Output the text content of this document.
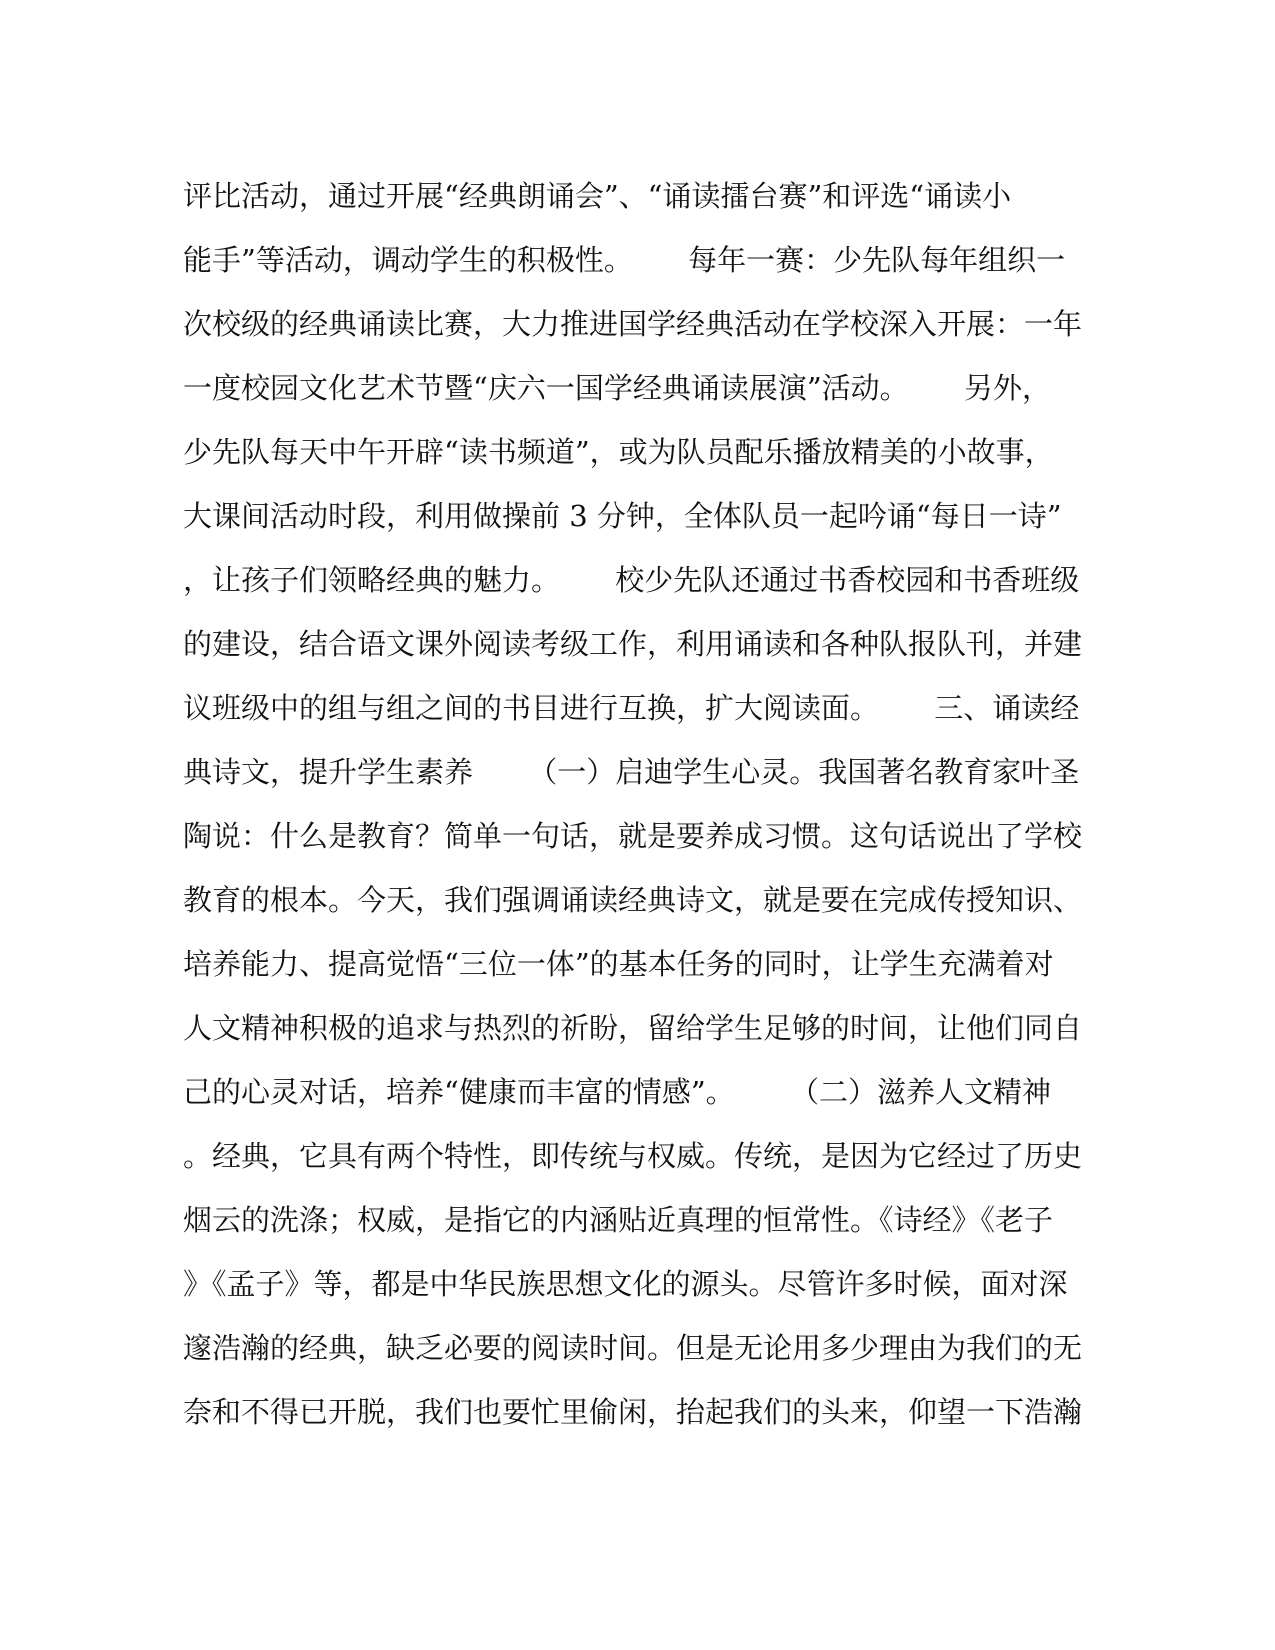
评比活动，通过开展“经典朗诵会”、“诵读擂台赛”和评选“诵读小
能手”等活动，调动学生的积极性。      每年一赛：少先队每年组织一
次校级的经典诵读比赛，大力推进国学经典活动在学校深入开展：一年
一度校园文化艺术节暨“庆六一国学经典诵读展演”活动。      另外，
少先队每天中午开辟“读书频道”，或为队员配乐播放精美的小故事，
大课间活动时段，利用做操前 3 分钟，全体队员一起吟诵“每日一诗”
，让孩子们领略经典的魅力。      校少先队还通过书香校园和书香班级
的建设，结合语文课外阅读考级工作，利用诵读和各种队报队刊，并建
议班级中的组与组之间的书目进行互换，扩大阅读面。      三、诵读经
典诗文，提升学生素养      （一）启迪学生心灵。我国著名教育家叶圣
陶说：什么是教育？简单一句话，就是要养成习惯。这句话说出了学校
教育的根本。今天，我们强调诵读经典诗文，就是要在完成传授知识、
培养能力、提高觉悟“三位一体”的基本任务的同时，让学生充满着对
人文精神积极的追求与热烈的祈盼，留给学生足够的时间，让他们同自
己的心灵对话，培养“健康而丰富的情感”。      （二）滋养人文精神
。经典，它具有两个特性，即传统与权威。传统，是因为它经过了历史
烟云的洗涤；权威，是指它的内涵贴近真理的恒常性。《诗经》《老子
》《孟子》等，都是中华民族思想文化的源头。尽管许多时候，面对深
邃浩瀚的经典，缺乏必要的阅读时间。但是无论用多少理由为我们的无
奈和不得已开脱，我们也要忙里偷闲，抬起我们的头来，仰望一下浩瀚
